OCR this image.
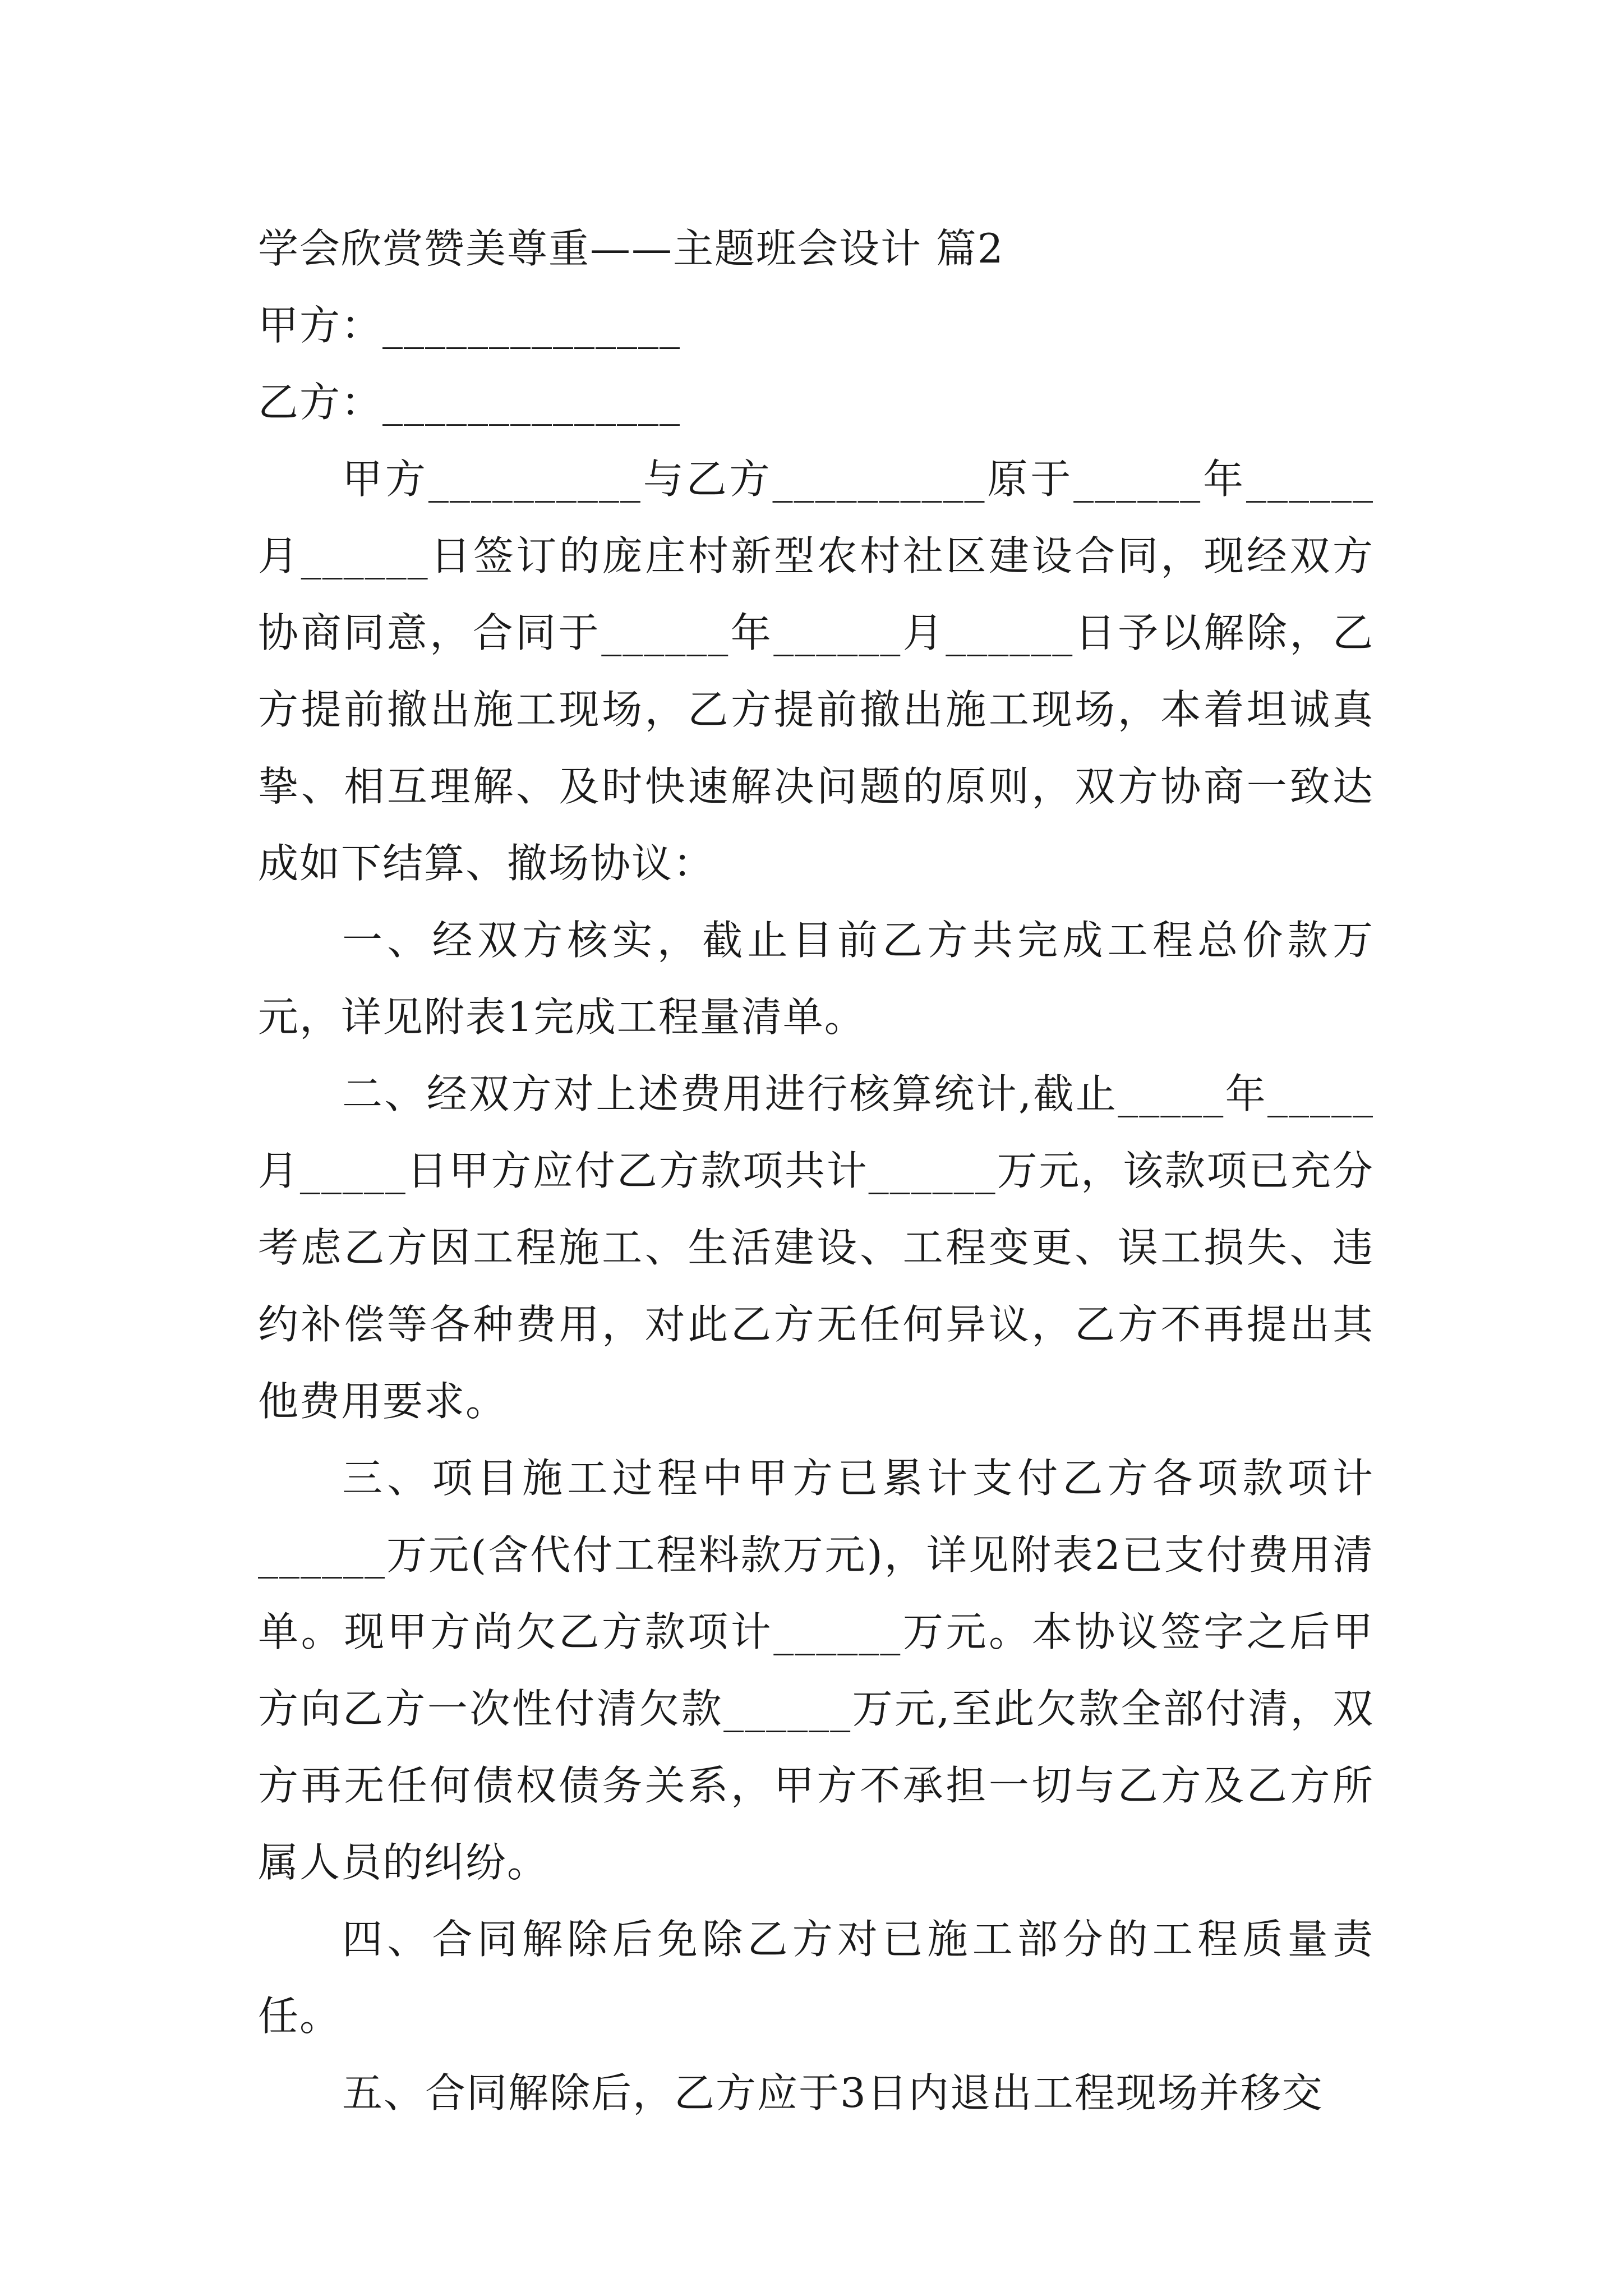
学会欣赏赞美尊重——主题班会设计 篇2

甲方：______________

乙方：______________

甲方__________与乙方__________原于______年______月______日签订的庞庄村新型农村社区建设合同，现经双方协商同意，合同于______年______月______日予以解除，乙方提前撤出施工现场，乙方提前撤出施工现场，本着坦诚真挚、相互理解、及时快速解决问题的原则，双方协商一致达成如下结算、撤场协议：

一、经双方核实，截止目前乙方共完成工程总价款万元，详见附表1完成工程量清单。

二、经双方对上述费用进行核算统计,截止_____年_____月_____日甲方应付乙方款项共计______万元，该款项已充分考虑乙方因工程施工、生活建设、工程变更、误工损失、违约补偿等各种费用，对此乙方无任何异议，乙方不再提出其他费用要求。

三、项目施工过程中甲方已累计支付乙方各项款项计______万元(含代付工程料款万元)，详见附表2已支付费用清单。现甲方尚欠乙方款项计______万元。本协议签字之后甲方向乙方一次性付清欠款______万元,至此欠款全部付清，双方再无任何债权债务关系，甲方不承担一切与乙方及乙方所属人员的纠纷。

四、合同解除后免除乙方对已施工部分的工程质量责任。

五、合同解除后，乙方应于3日内退出工程现场并移交
